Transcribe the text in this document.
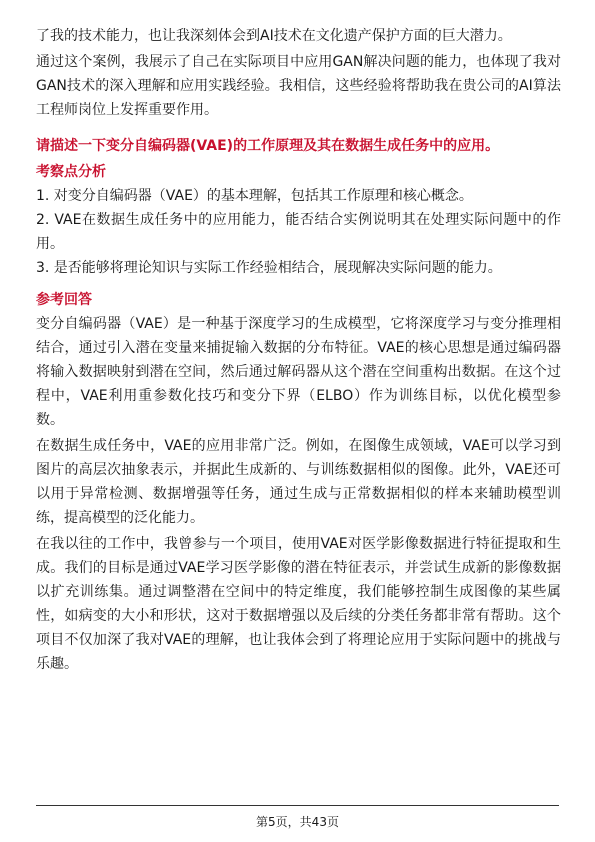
了我的技术能力，也让我深刻体会到AI技术在文化遗产保护方面的巨大潜力。

通过这个案例，我展示了自己在实际项目中应用GAN解决问题的能力，也体现了我对GAN技术的深入理解和应用实践经验。我相信，这些经验将帮助我在贵公司的AI算法工程师岗位上发挥重要作用。

请描述一下变分自编码器(VAE)的工作原理及其在数据生成任务中的应用。
考察点分析

1. 对变分自编码器（VAE）的基本理解，包括其工作原理和核心概念。

2. VAE在数据生成任务中的应用能力，能否结合实例说明其在处理实际问题中的作用。

3. 是否能够将理论知识与实际工作经验相结合，展现解决实际问题的能力。

参考回答

变分自编码器（VAE）是一种基于深度学习的生成模型，它将深度学习与变分推理相结合，通过引入潜在变量来捕捉输入数据的分布特征。VAE的核心思想是通过编码器将输入数据映射到潜在空间，然后通过解码器从这个潜在空间重构出数据。在这个过程中，VAE利用重参数化技巧和变分下界（ELBO）作为训练目标，以优化模型参数。

在数据生成任务中，VAE的应用非常广泛。例如，在图像生成领域，VAE可以学习到图片的高层次抽象表示，并据此生成新的、与训练数据相似的图像。此外，VAE还可以用于异常检测、数据增强等任务，通过生成与正常数据相似的样本来辅助模型训练，提高模型的泛化能力。

在我以往的工作中，我曾参与一个项目，使用VAE对医学影像数据进行特征提取和生成。我们的目标是通过VAE学习医学影像的潜在特征表示，并尝试生成新的影像数据以扩充训练集。通过调整潜在空间中的特定维度，我们能够控制生成图像的某些属性，如病变的大小和形状，这对于数据增强以及后续的分类任务都非常有帮助。这个项目不仅加深了我对VAE的理解，也让我体会到了将理论应用于实际问题中的挑战与乐趣。

第5页，共43页
